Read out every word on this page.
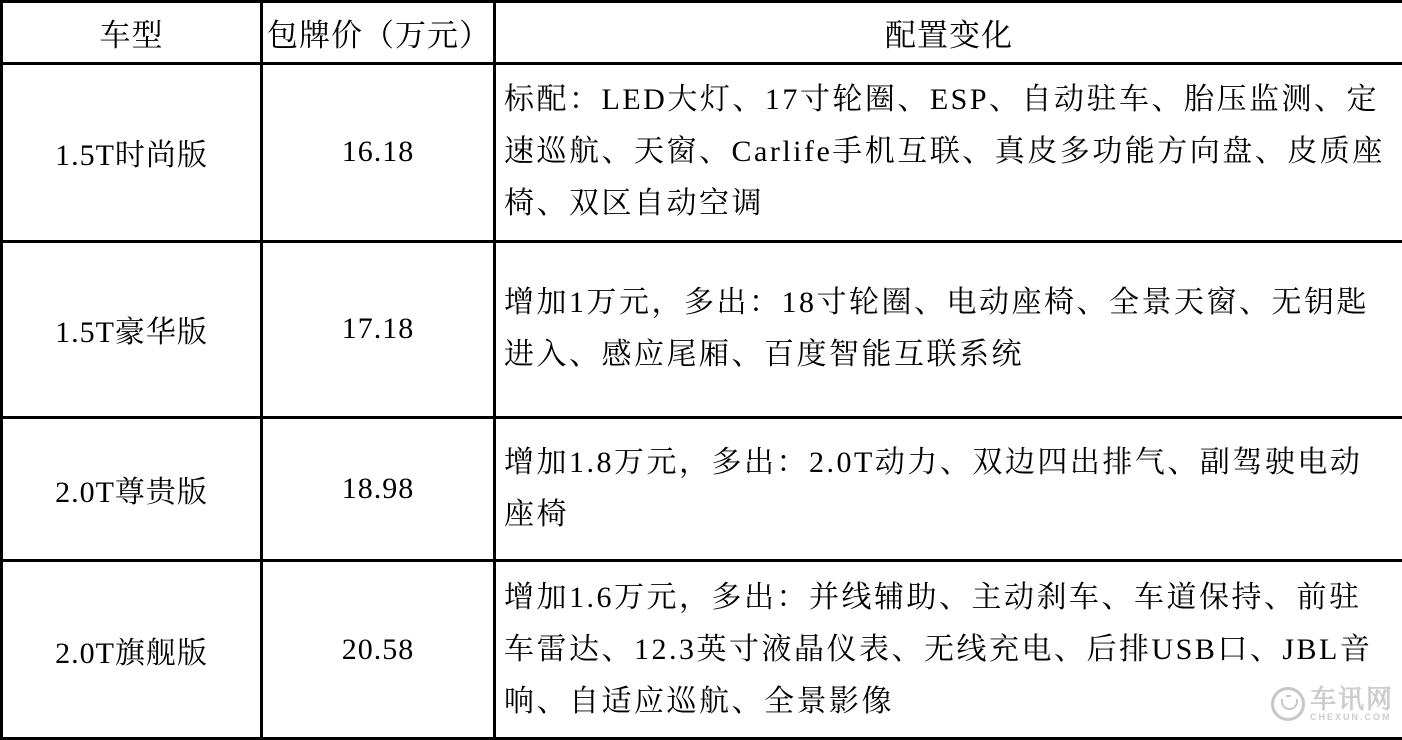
车型	包牌价（万元）	配置变化
1.5T时尚版	16.18	标配：LED大灯、17寸轮圈、ESP、自动驻车、胎压监测、定速巡航、天窗、Carlife手机互联、真皮多功能方向盘、皮质座椅、双区自动空调
1.5T豪华版	17.18	增加1万元，多出：18寸轮圈、电动座椅、全景天窗、无钥匙进入、感应尾厢、百度智能互联系统
2.0T尊贵版	18.98	增加1.8万元，多出：2.0T动力、双边四出排气、副驾驶电动座椅
2.0T旗舰版	20.58	增加1.6万元，多出：并线辅助、主动刹车、车道保持、前驻车雷达、12.3英寸液晶仪表、无线充电、后排USB口、JBL音响、自适应巡航、全景影像	车讯网
CHEXUN.COM
